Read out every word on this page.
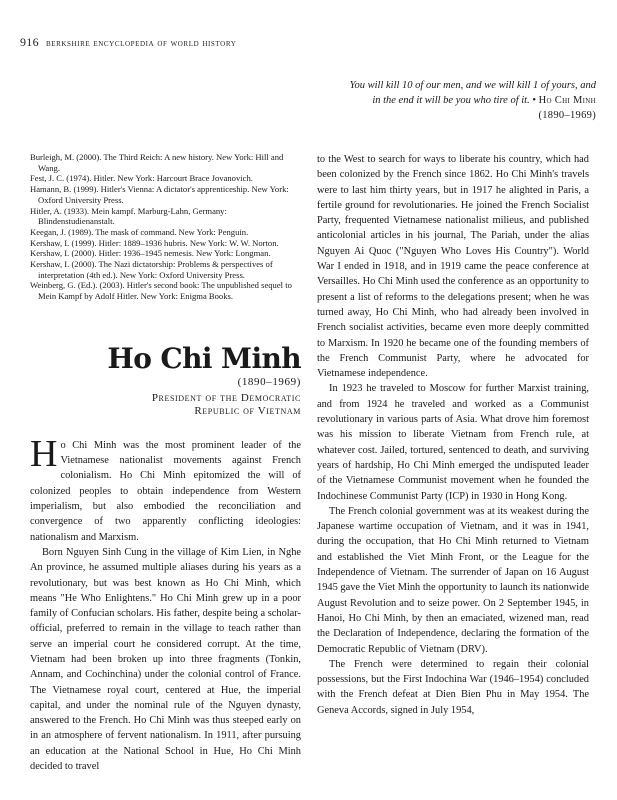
916 berkshire encyclopedia of world history
You will kill 10 of our men, and we will kill 1 of yours, and in the end it will be you who tire of it. • Ho Chi Minh (1890–1969)
Burleigh, M. (2000). The Third Reich: A new history. New York: Hill and Wang.
Fest, J. C. (1974). Hitler. New York: Harcourt Brace Jovanovich.
Hamann, B. (1999). Hitler's Vienna: A dictator's apprenticeship. New York: Oxford University Press.
Hitler, A. (1933). Mein kampf. Marburg-Lahn, Germany: Blindenstudienanstalt.
Keegan, J. (1989). The mask of command. New York: Penguin.
Kershaw, I. (1999). Hitler: 1889–1936 hubris. New York: W. W. Norton.
Kershaw, I. (2000). Hitler: 1936–1945 nemesis. New York: Longman.
Kershaw, I. (2000). The Nazi dictatorship: Problems & perspectives of interpretation (4th ed.). New York: Oxford University Press.
Weinberg, G. (Ed.). (2003). Hitler's second book: The unpublished sequel to Mein Kampf by Adolf Hitler. New York: Enigma Books.
Ho Chi Minh
(1890–1969)
President of the Democratic
Republic of Vietnam

Ho Chi Minh was the most prominent leader of the Vietnamese nationalist movements against French colonialism. Ho Chi Minh epitomized the will of colonized peoples to obtain independence from Western imperialism, but also embodied the reconciliation and convergence of two apparently conflicting ideologies: nationalism and Marxism.

Born Nguyen Sinh Cung in the village of Kim Lien, in Nghe An province, he assumed multiple aliases during his years as a revolutionary, but was best known as Ho Chi Minh, which means "He Who Enlightens." Ho Chi Minh grew up in a poor family of Confucian scholars. His father, despite being a scholar-official, preferred to remain in the village to teach rather than serve an imperial court he considered corrupt. At the time, Vietnam had been broken up into three fragments (Tonkin, Annam, and Cochinchina) under the colonial control of France. The Vietnamese royal court, centered at Hue, the imperial capital, and under the nominal rule of the Nguyen dynasty, answered to the French. Ho Chi Minh was thus steeped early on in an atmosphere of fervent nationalism. In 1911, after pursuing an education at the National School in Hue, Ho Chi Minh decided to travel

to the West to search for ways to liberate his country, which had been colonized by the French since 1862. Ho Chi Minh's travels were to last him thirty years, but in 1917 he alighted in Paris, a fertile ground for revolutionaries. He joined the French Socialist Party, frequented Vietnamese nationalist milieus, and published anticolonial articles in his journal, The Pariah, under the alias Nguyen Ai Quoc ("Nguyen Who Loves His Country"). World War I ended in 1918, and in 1919 came the peace conference at Versailles. Ho Chi Minh used the conference as an opportunity to present a list of reforms to the delegations present; when he was turned away, Ho Chi Minh, who had already been involved in French socialist activities, became even more deeply committed to Marxism. In 1920 he became one of the founding members of the French Communist Party, where he advocated for Vietnamese independence.

In 1923 he traveled to Moscow for further Marxist training, and from 1924 he traveled and worked as a Communist revolutionary in various parts of Asia. What drove him foremost was his mission to liberate Vietnam from French rule, at whatever cost. Jailed, tortured, sentenced to death, and surviving years of hardship, Ho Chi Minh emerged the undisputed leader of the Vietnamese Communist movement when he founded the Indochinese Communist Party (ICP) in 1930 in Hong Kong.

The French colonial government was at its weakest during the Japanese wartime occupation of Vietnam, and it was in 1941, during the occupation, that Ho Chi Minh returned to Vietnam and established the Viet Minh Front, or the League for the Independence of Vietnam. The surrender of Japan on 16 August 1945 gave the Viet Minh the opportunity to launch its nationwide August Revolution and to seize power. On 2 September 1945, in Hanoi, Ho Chi Minh, by then an emaciated, wizened man, read the Declaration of Independence, declaring the formation of the Democratic Republic of Vietnam (DRV).

The French were determined to regain their colonial possessions, but the First Indochina War (1946–1954) concluded with the French defeat at Dien Bien Phu in May 1954. The Geneva Accords, signed in July 1954,
